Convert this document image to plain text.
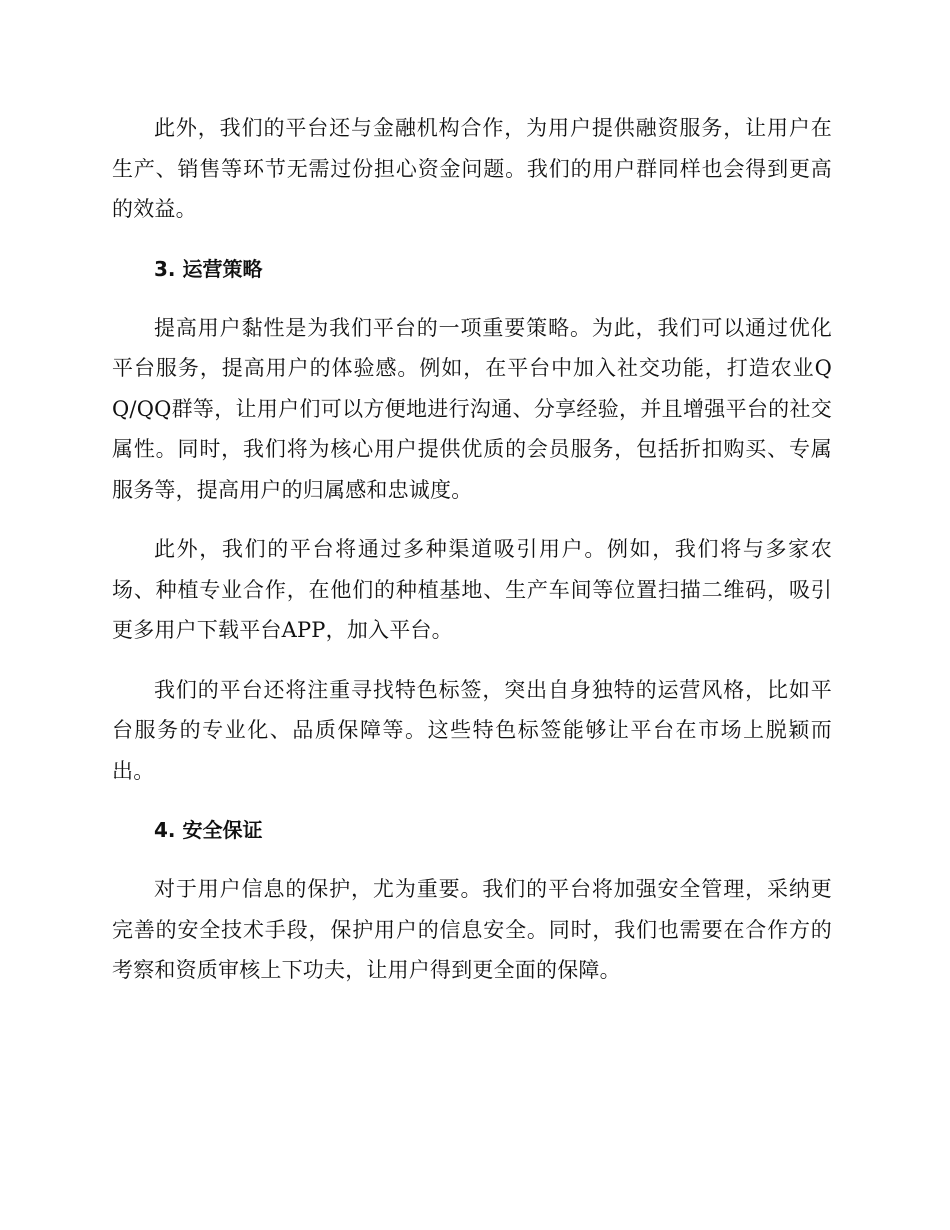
此外，我们的平台还与金融机构合作，为用户提供融资服务，让用户在生产、销售等环节无需过份担心资金问题。我们的用户群同样也会得到更高的效益。

3. 运营策略

提高用户黏性是为我们平台的一项重要策略。为此，我们可以通过优化平台服务，提高用户的体验感。例如，在平台中加入社交功能，打造农业QQ/QQ群等，让用户们可以方便地进行沟通、分享经验，并且增强平台的社交属性。同时，我们将为核心用户提供优质的会员服务，包括折扣购买、专属服务等，提高用户的归属感和忠诚度。

此外，我们的平台将通过多种渠道吸引用户。例如，我们将与多家农场、种植专业合作，在他们的种植基地、生产车间等位置扫描二维码，吸引更多用户下载平台APP，加入平台。

我们的平台还将注重寻找特色标签，突出自身独特的运营风格，比如平台服务的专业化、品质保障等。这些特色标签能够让平台在市场上脱颖而出。

4. 安全保证

对于用户信息的保护，尤为重要。我们的平台将加强安全管理，采纳更完善的安全技术手段，保护用户的信息安全。同时，我们也需要在合作方的考察和资质审核上下功夫，让用户得到更全面的保障。
